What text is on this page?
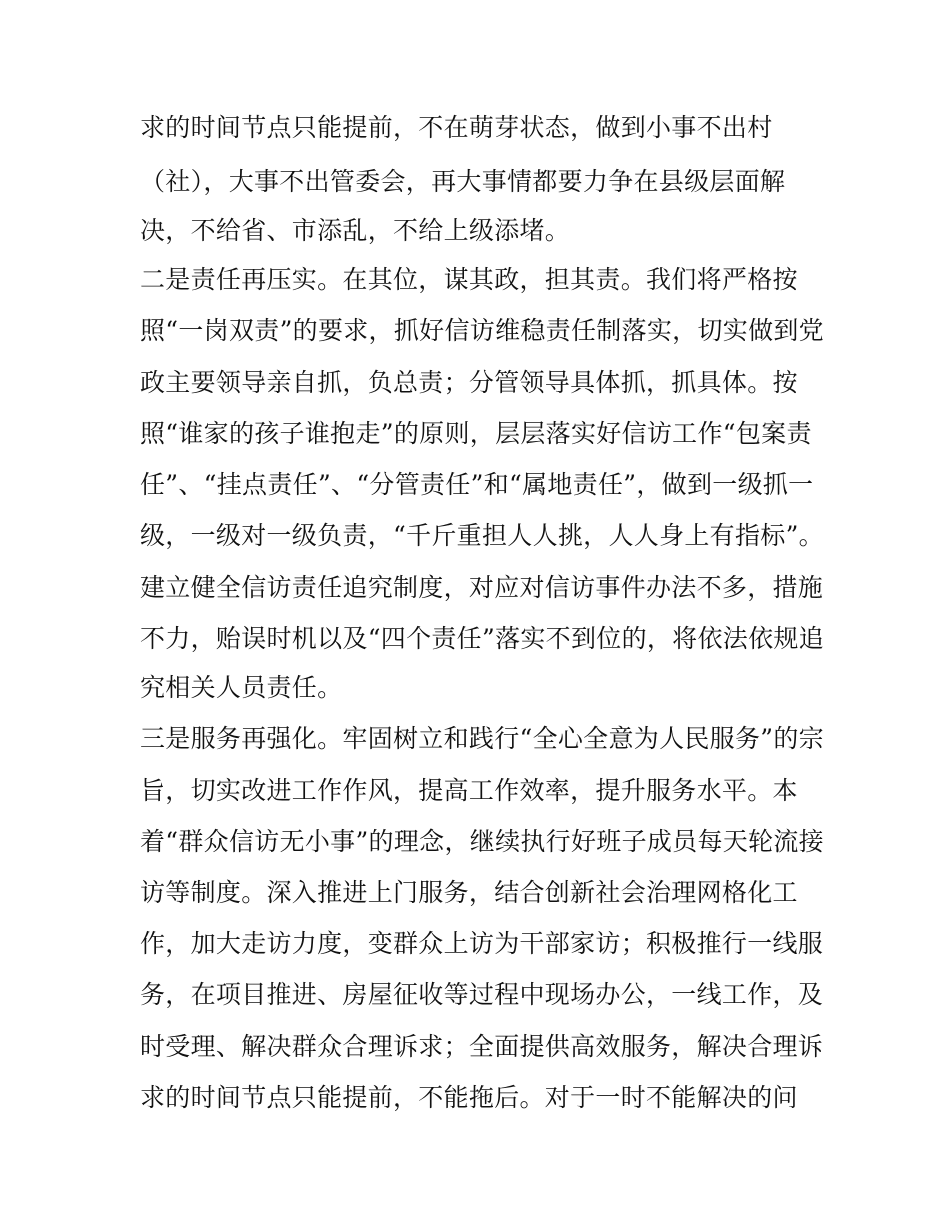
求的时间节点只能提前，不在萌芽状态，做到小事不出村
（社），大事不出管委会，再大事情都要力争在县级层面解
决，不给省、市添乱，不给上级添堵。
二是责任再压实。在其位，谋其政，担其责。我们将严格按
照“一岗双责”的要求，抓好信访维稳责任制落实，切实做到党
政主要领导亲自抓，负总责；分管领导具体抓，抓具体。按
照“谁家的孩子谁抱走”的原则，层层落实好信访工作“包案责
任”、“挂点责任”、“分管责任”和“属地责任”，做到一级抓一
级，一级对一级负责，“千斤重担人人挑，人人身上有指标”。
建立健全信访责任追究制度，对应对信访事件办法不多，措施
不力，贻误时机以及“四个责任”落实不到位的，将依法依规追
究相关人员责任。
三是服务再强化。牢固树立和践行“全心全意为人民服务”的宗
旨，切实改进工作作风，提高工作效率，提升服务水平。本
着“群众信访无小事”的理念，继续执行好班子成员每天轮流接
访等制度。深入推进上门服务，结合创新社会治理网格化工
作，加大走访力度，变群众上访为干部家访；积极推行一线服
务，在项目推进、房屋征收等过程中现场办公，一线工作，及
时受理、解决群众合理诉求；全面提供高效服务，解决合理诉
求的时间节点只能提前，不能拖后。对于一时不能解决的问
